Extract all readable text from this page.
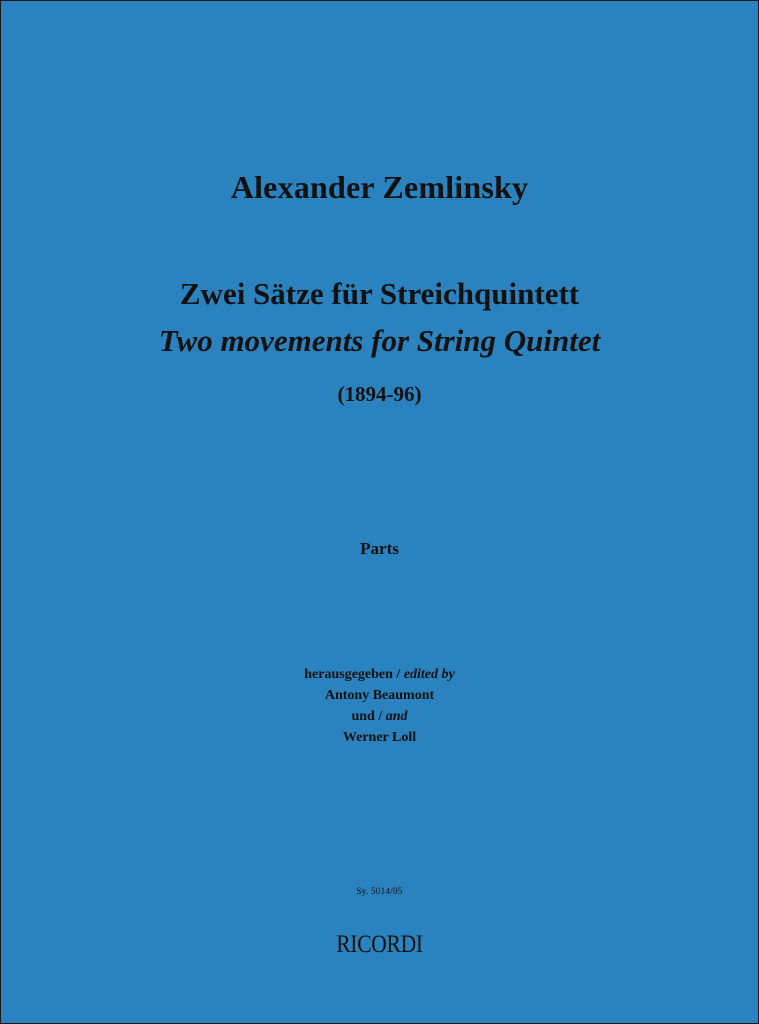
Alexander Zemlinsky
Zwei Sätze für Streichquintett
Two movements for String Quintet
(1894-96)
Parts
herausgegeben / edited by
Antony Beaumont
und / and
Werner Loll
Sy. 5014/05
RICORDI
